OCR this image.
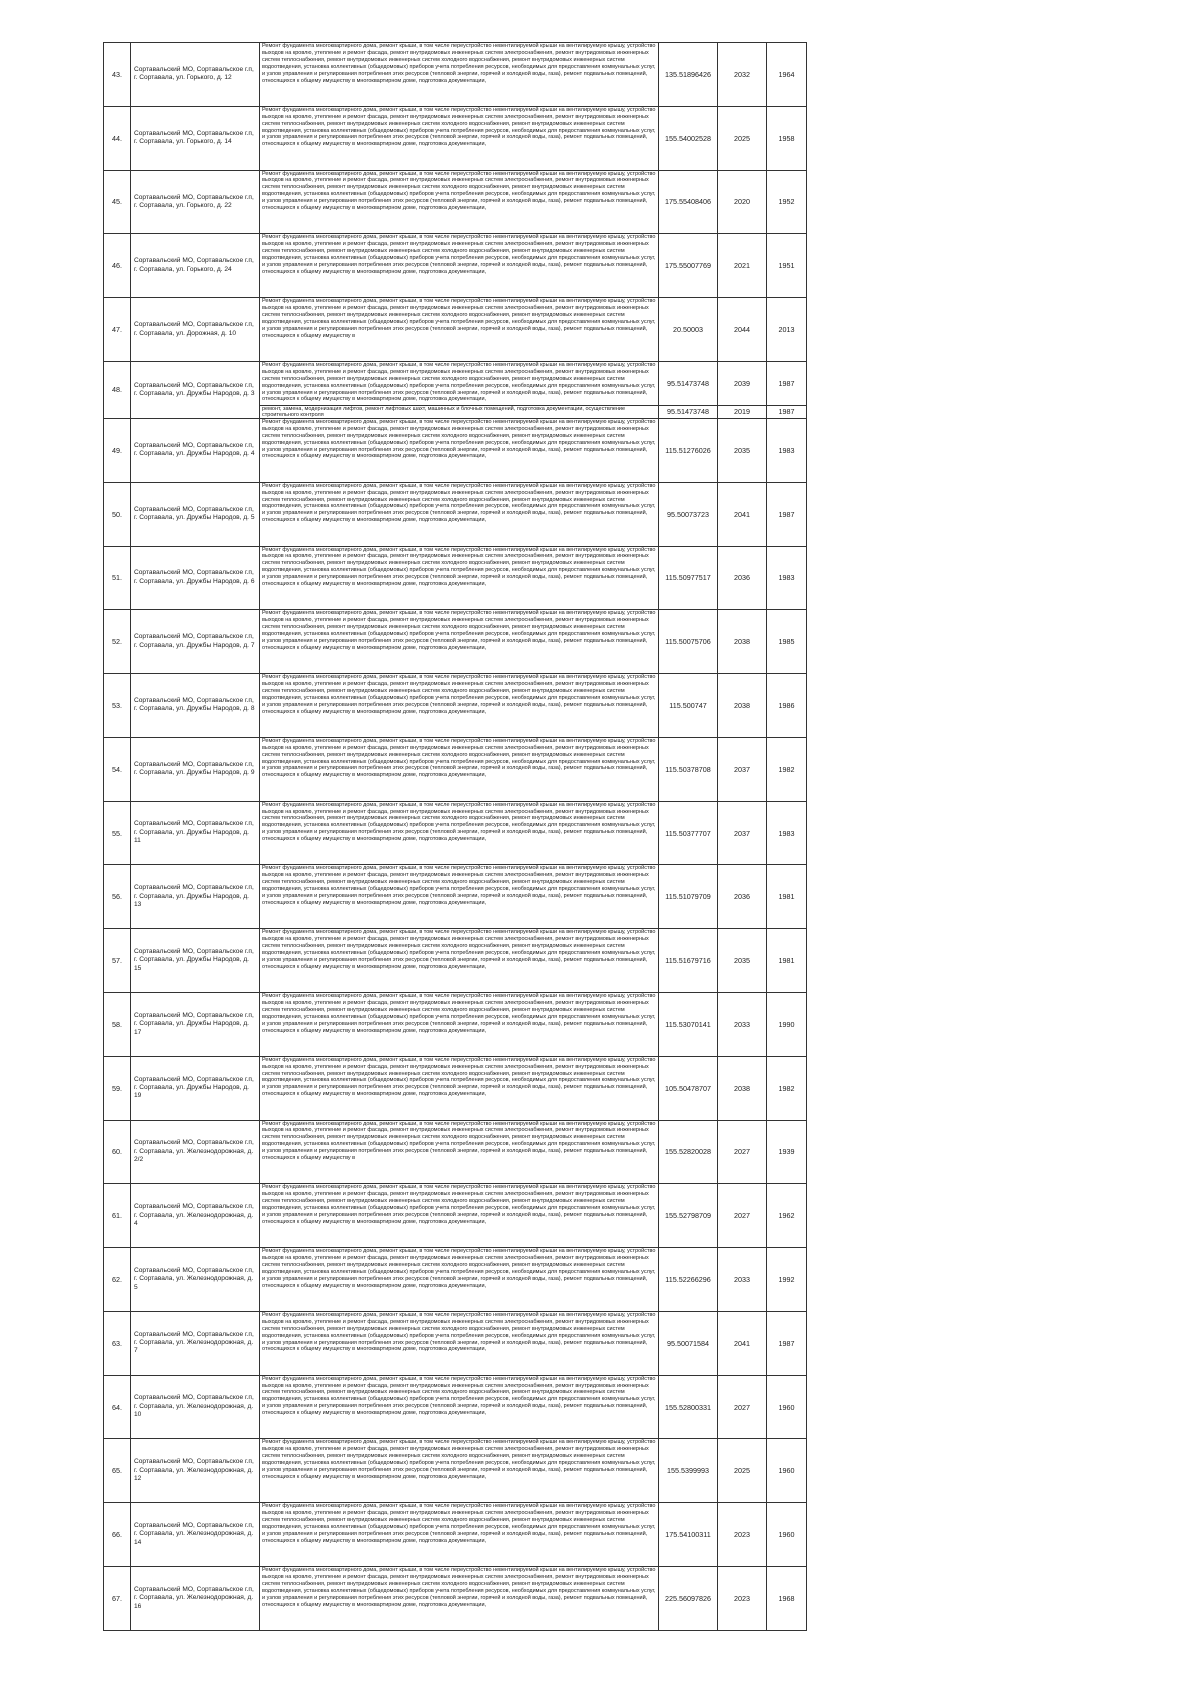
43.	Сортавальский МО, Сортавальское г.п, г. Сортавала, ул. Горького, д. 12	Ремонт фундамента многоквартирного дома, ремонт крыши, в том числе переустройство невентилируемой крыши на вентилируемую крышу, устройство выходов на кровлю, утепление и ремонт фасада, ремонт внутридомовых инженерных систем электроснабжения, ремонт внутридомовых инженерных систем теплоснабжения, ремонт внутридомовых инженерных систем холодного водоснабжения, ремонт внутридомовых инженерных систем водоотведения, установка коллективных (общедомовых) приборов учета потребления ресурсов, необходимых для предоставления коммунальных услуг, и узлов управления и регулирования потребления этих ресурсов (тепловой энергии, горячей и холодной воды, газа), ремонт подвальных помещений, относящихся к общему имуществу в многоквартирном доме, подготовка документации,	135.51896426	2032	1964
44.	Сортавальский МО, Сортавальское г.п, г. Сортавала, ул. Горького, д. 14	Ремонт фундамента многоквартирного дома, ремонт крыши, в том числе переустройство невентилируемой крыши на вентилируемую крышу, устройство выходов на кровлю, утепление и ремонт фасада, ремонт внутридомовых инженерных систем электроснабжения, ремонт внутридомовых инженерных систем теплоснабжения, ремонт внутридомовых инженерных систем холодного водоснабжения, ремонт внутридомовых инженерных систем водоотведения, установка коллективных (общедомовых) приборов учета потребления ресурсов, необходимых для предоставления коммунальных услуг, и узлов управления и регулирования потребления этих ресурсов (тепловой энергии, горячей и холодной воды, газа), ремонт подвальных помещений, относящихся к общему имуществу в многоквартирном доме, подготовка документации,	155.54002528	2025	1958
45.	Сортавальский МО, Сортавальское г.п, г. Сортавала, ул. Горького, д. 22	Ремонт фундамента многоквартирного дома, ремонт крыши, в том числе переустройство невентилируемой крыши на вентилируемую крышу, устройство выходов на кровлю, утепление и ремонт фасада, ремонт внутридомовых инженерных систем электроснабжения, ремонт внутридомовых инженерных систем теплоснабжения, ремонт внутридомовых инженерных систем холодного водоснабжения, ремонт внутридомовых инженерных систем водоотведения, установка коллективных (общедомовых) приборов учета потребления ресурсов, необходимых для предоставления коммунальных услуг, и узлов управления и регулирования потребления этих ресурсов (тепловой энергии, горячей и холодной воды, газа), ремонт подвальных помещений, относящихся к общему имуществу в многоквартирном доме, подготовка документации,	175.55408406	2020	1952
46.	Сортавальский МО, Сортавальское г.п, г. Сортавала, ул. Горького, д. 24	Ремонт фундамента многоквартирного дома, ремонт крыши, в том числе переустройство невентилируемой крыши на вентилируемую крышу, устройство выходов на кровлю, утепление и ремонт фасада, ремонт внутридомовых инженерных систем электроснабжения, ремонт внутридомовых инженерных систем теплоснабжения, ремонт внутридомовых инженерных систем холодного водоснабжения, ремонт внутридомовых инженерных систем водоотведения, установка коллективных (общедомовых) приборов учета потребления ресурсов, необходимых для предоставления коммунальных услуг, и узлов управления и регулирования потребления этих ресурсов (тепловой энергии, горячей и холодной воды, газа), ремонт подвальных помещений, относящихся к общему имуществу в многоквартирном доме, подготовка документации,	175.55007769	2021	1951
47.	Сортавальский МО, Сортавальское г.п, г. Сортавала, ул. Дорожная, д. 10	Ремонт фундамента многоквартирного дома, ремонт крыши, в том числе переустройство невентилируемой крыши на вентилируемую крышу, устройство выходов на кровлю, утепление и ремонт фасада, ремонт внутридомовых инженерных систем электроснабжения, ремонт внутридомовых инженерных систем теплоснабжения, ремонт внутридомовых инженерных систем холодного водоснабжения, ремонт внутридомовых инженерных систем водоотведения, установка коллективных (общедомовых) приборов учета потребления ресурсов, необходимых для предоставления коммунальных услуг, и узлов управления и регулирования потребления этих ресурсов (тепловой энергии, горячей и холодной воды, газа), ремонт подвальных помещений, относящихся к общему имуществу в	20.50003	2044	2013
48.	Сортавальский МО, Сортавальское г.п, г. Сортавала, ул. Дружбы Народов, д. 3	Ремонт фундамента многоквартирного дома, ремонт крыши, в том числе переустройство невентилируемой крыши на вентилируемую крышу, устройство выходов на кровлю, утепление и ремонт фасада, ремонт внутридомовых инженерных систем электроснабжения, ремонт внутридомовых инженерных систем теплоснабжения, ремонт внутридомовых инженерных систем холодного водоснабжения, ремонт внутридомовых инженерных систем водоотведения, установка коллективных (общедомовых) приборов учета потребления ресурсов, необходимых для предоставления коммунальных услуг, и узлов управления и регулирования потребления этих ресурсов (тепловой энергии, горячей и холодной воды, газа), ремонт подвальных помещений, относящихся к общему имуществу в многоквартирном доме, подготовка документации,	95.51473748	2039	1987

		ремонт, замена, модернизация лифтов, ремонт лифтовых шахт, машинных и блочных помещений, подготовка документации, осуществление строительного контроля	95.51473748	2019	1987
49.	Сортавальский МО, Сортавальское г.п, г. Сортавала, ул. Дружбы Народов, д. 4	Ремонт фундамента многоквартирного дома, ремонт крыши, в том числе переустройство невентилируемой крыши на вентилируемую крышу, устройство выходов на кровлю, утепление и ремонт фасада, ремонт внутридомовых инженерных систем электроснабжения, ремонт внутридомовых инженерных систем теплоснабжения, ремонт внутридомовых инженерных систем холодного водоснабжения, ремонт внутридомовых инженерных систем водоотведения, установка коллективных (общедомовых) приборов учета потребления ресурсов, необходимых для предоставления коммунальных услуг, и узлов управления и регулирования потребления этих ресурсов (тепловой энергии, горячей и холодной воды, газа), ремонт подвальных помещений, относящихся к общему имуществу в многоквартирном доме, подготовка документации,	115.51276026	2035	1983
50.	Сортавальский МО, Сортавальское г.п, г. Сортавала, ул. Дружбы Народов, д. 5	Ремонт фундамента многоквартирного дома, ремонт крыши, в том числе переустройство невентилируемой крыши на вентилируемую крышу, устройство выходов на кровлю, утепление и ремонт фасада, ремонт внутридомовых инженерных систем электроснабжения, ремонт внутридомовых инженерных систем теплоснабжения, ремонт внутридомовых инженерных систем холодного водоснабжения, ремонт внутридомовых инженерных систем водоотведения, установка коллективных (общедомовых) приборов учета потребления ресурсов, необходимых для предоставления коммунальных услуг, и узлов управления и регулирования потребления этих ресурсов (тепловой энергии, горячей и холодной воды, газа), ремонт подвальных помещений, относящихся к общему имуществу в многоквартирном доме, подготовка документации,	95.50073723	2041	1987
51.	Сортавальский МО, Сортавальское г.п, г. Сортавала, ул. Дружбы Народов, д. 6	Ремонт фундамента многоквартирного дома, ремонт крыши, в том числе переустройство невентилируемой крыши на вентилируемую крышу, устройство выходов на кровлю, утепление и ремонт фасада, ремонт внутридомовых инженерных систем электроснабжения, ремонт внутридомовых инженерных систем теплоснабжения, ремонт внутридомовых инженерных систем холодного водоснабжения, ремонт внутридомовых инженерных систем водоотведения, установка коллективных (общедомовых) приборов учета потребления ресурсов, необходимых для предоставления коммунальных услуг, и узлов управления и регулирования потребления этих ресурсов (тепловой энергии, горячей и холодной воды, газа), ремонт подвальных помещений, относящихся к общему имуществу в многоквартирном доме, подготовка документации,	115.50977517	2036	1983
52.	Сортавальский МО, Сортавальское г.п, г. Сортавала, ул. Дружбы Народов, д. 7	Ремонт фундамента многоквартирного дома, ремонт крыши, в том числе переустройство невентилируемой крыши на вентилируемую крышу, устройство выходов на кровлю, утепление и ремонт фасада, ремонт внутридомовых инженерных систем электроснабжения, ремонт внутридомовых инженерных систем теплоснабжения, ремонт внутридомовых инженерных систем холодного водоснабжения, ремонт внутридомовых инженерных систем водоотведения, установка коллективных (общедомовых) приборов учета потребления ресурсов, необходимых для предоставления коммунальных услуг, и узлов управления и регулирования потребления этих ресурсов (тепловой энергии, горячей и холодной воды, газа), ремонт подвальных помещений, относящихся к общему имуществу в многоквартирном доме, подготовка документации,	115.50075706	2038	1985
53.	Сортавальский МО, Сортавальское г.п, г. Сортавала, ул. Дружбы Народов, д. 8	Ремонт фундамента многоквартирного дома, ремонт крыши, в том числе переустройство невентилируемой крыши на вентилируемую крышу, устройство выходов на кровлю, утепление и ремонт фасада, ремонт внутридомовых инженерных систем электроснабжения, ремонт внутридомовых инженерных систем теплоснабжения, ремонт внутридомовых инженерных систем холодного водоснабжения, ремонт внутридомовых инженерных систем водоотведения, установка коллективных (общедомовых) приборов учета потребления ресурсов, необходимых для предоставления коммунальных услуг, и узлов управления и регулирования потребления этих ресурсов (тепловой энергии, горячей и холодной воды, газа), ремонт подвальных помещений, относящихся к общему имуществу в многоквартирном доме, подготовка документации,	115.500747	2038	1986
54.	Сортавальский МО, Сортавальское г.п, г. Сортавала, ул. Дружбы Народов, д. 9	Ремонт фундамента многоквартирного дома, ремонт крыши, в том числе переустройство невентилируемой крыши на вентилируемую крышу, устройство выходов на кровлю, утепление и ремонт фасада, ремонт внутридомовых инженерных систем электроснабжения, ремонт внутридомовых инженерных систем теплоснабжения, ремонт внутридомовых инженерных систем холодного водоснабжения, ремонт внутридомовых инженерных систем водоотведения, установка коллективных (общедомовых) приборов учета потребления ресурсов, необходимых для предоставления коммунальных услуг, и узлов управления и регулирования потребления этих ресурсов (тепловой энергии, горячей и холодной воды, газа), ремонт подвальных помещений, относящихся к общему имуществу в многоквартирном доме, подготовка документации,	115.50378708	2037	1982
55.	Сортавальский МО, Сортавальское г.п, г. Сортавала, ул. Дружбы Народов, д. 11	Ремонт фундамента многоквартирного дома, ремонт крыши, в том числе переустройство невентилируемой крыши на вентилируемую крышу, устройство выходов на кровлю, утепление и ремонт фасада, ремонт внутридомовых инженерных систем электроснабжения, ремонт внутридомовых инженерных систем теплоснабжения, ремонт внутридомовых инженерных систем холодного водоснабжения, ремонт внутридомовых инженерных систем водоотведения, установка коллективных (общедомовых) приборов учета потребления ресурсов, необходимых для предоставления коммунальных услуг, и узлов управления и регулирования потребления этих ресурсов (тепловой энергии, горячей и холодной воды, газа), ремонт подвальных помещений, относящихся к общему имуществу в многоквартирном доме, подготовка документации,	115.50377707	2037	1983
56.	Сортавальский МО, Сортавальское г.п, г. Сортавала, ул. Дружбы Народов, д. 13	Ремонт фундамента многоквартирного дома, ремонт крыши, в том числе переустройство невентилируемой крыши на вентилируемую крышу, устройство выходов на кровлю, утепление и ремонт фасада, ремонт внутридомовых инженерных систем электроснабжения, ремонт внутридомовых инженерных систем теплоснабжения, ремонт внутридомовых инженерных систем холодного водоснабжения, ремонт внутридомовых инженерных систем водоотведения, установка коллективных (общедомовых) приборов учета потребления ресурсов, необходимых для предоставления коммунальных услуг, и узлов управления и регулирования потребления этих ресурсов (тепловой энергии, горячей и холодной воды, газа), ремонт подвальных помещений, относящихся к общему имуществу в многоквартирном доме, подготовка документации,	115.51079709	2036	1981
57.	Сортавальский МО, Сортавальское г.п, г. Сортавала, ул. Дружбы Народов, д. 15	Ремонт фундамента многоквартирного дома, ремонт крыши, в том числе переустройство невентилируемой крыши на вентилируемую крышу, устройство выходов на кровлю, утепление и ремонт фасада, ремонт внутридомовых инженерных систем электроснабжения, ремонт внутридомовых инженерных систем теплоснабжения, ремонт внутридомовых инженерных систем холодного водоснабжения, ремонт внутридомовых инженерных систем водоотведения, установка коллективных (общедомовых) приборов учета потребления ресурсов, необходимых для предоставления коммунальных услуг, и узлов управления и регулирования потребления этих ресурсов (тепловой энергии, горячей и холодной воды, газа), ремонт подвальных помещений, относящихся к общему имуществу в многоквартирном доме, подготовка документации,	115.51679716	2035	1981
58.	Сортавальский МО, Сортавальское г.п, г. Сортавала, ул. Дружбы Народов, д. 17	Ремонт фундамента многоквартирного дома, ремонт крыши, в том числе переустройство невентилируемой крыши на вентилируемую крышу, устройство выходов на кровлю, утепление и ремонт фасада, ремонт внутридомовых инженерных систем электроснабжения, ремонт внутридомовых инженерных систем теплоснабжения, ремонт внутридомовых инженерных систем холодного водоснабжения, ремонт внутридомовых инженерных систем водоотведения, установка коллективных (общедомовых) приборов учета потребления ресурсов, необходимых для предоставления коммунальных услуг, и узлов управления и регулирования потребления этих ресурсов (тепловой энергии, горячей и холодной воды, газа), ремонт подвальных помещений, относящихся к общему имуществу в многоквартирном доме, подготовка документации,	115.53070141	2033	1990
59.	Сортавальский МО, Сортавальское г.п, г. Сортавала, ул. Дружбы Народов, д. 19	Ремонт фундамента многоквартирного дома, ремонт крыши, в том числе переустройство невентилируемой крыши на вентилируемую крышу, устройство выходов на кровлю, утепление и ремонт фасада, ремонт внутридомовых инженерных систем электроснабжения, ремонт внутридомовых инженерных систем теплоснабжения, ремонт внутридомовых инженерных систем холодного водоснабжения, ремонт внутридомовых инженерных систем водоотведения, установка коллективных (общедомовых) приборов учета потребления ресурсов, необходимых для предоставления коммунальных услуг, и узлов управления и регулирования потребления этих ресурсов (тепловой энергии, горячей и холодной воды, газа), ремонт подвальных помещений, относящихся к общему имуществу в многоквартирном доме, подготовка документации,	105.50478707	2038	1982
60.	Сортавальский МО, Сортавальское г.п, г. Сортавала, ул. Железнодорожная, д. 2/2	Ремонт фундамента многоквартирного дома, ремонт крыши, в том числе переустройство невентилируемой крыши на вентилируемую крышу, устройство выходов на кровлю, утепление и ремонт фасада, ремонт внутридомовых инженерных систем электроснабжения, ремонт внутридомовых инженерных систем теплоснабжения, ремонт внутридомовых инженерных систем холодного водоснабжения, ремонт внутридомовых инженерных систем водоотведения, установка коллективных (общедомовых) приборов учета потребления ресурсов, необходимых для предоставления коммунальных услуг, и узлов управления и регулирования потребления этих ресурсов (тепловой энергии, горячей и холодной воды, газа), ремонт подвальных помещений, относящихся к общему имуществу в	155.52820028	2027	1939
61.	Сортавальский МО, Сортавальское г.п, г. Сортавала, ул. Железнодорожная, д. 4	Ремонт фундамента многоквартирного дома, ремонт крыши, в том числе переустройство невентилируемой крыши на вентилируемую крышу, устройство выходов на кровлю, утепление и ремонт фасада, ремонт внутридомовых инженерных систем электроснабжения, ремонт внутридомовых инженерных систем теплоснабжения, ремонт внутридомовых инженерных систем холодного водоснабжения, ремонт внутридомовых инженерных систем водоотведения, установка коллективных (общедомовых) приборов учета потребления ресурсов, необходимых для предоставления коммунальных услуг, и узлов управления и регулирования потребления этих ресурсов (тепловой энергии, горячей и холодной воды, газа), ремонт подвальных помещений, относящихся к общему имуществу в многоквартирном доме, подготовка документации,	155.52798709	2027	1962
62.	Сортавальский МО, Сортавальское г.п, г. Сортавала, ул. Железнодорожная, д. 5	Ремонт фундамента многоквартирного дома, ремонт крыши, в том числе переустройство невентилируемой крыши на вентилируемую крышу, устройство выходов на кровлю, утепление и ремонт фасада, ремонт внутридомовых инженерных систем электроснабжения, ремонт внутридомовых инженерных систем теплоснабжения, ремонт внутридомовых инженерных систем холодного водоснабжения, ремонт внутридомовых инженерных систем водоотведения, установка коллективных (общедомовых) приборов учета потребления ресурсов, необходимых для предоставления коммунальных услуг, и узлов управления и регулирования потребления этих ресурсов (тепловой энергии, горячей и холодной воды, газа), ремонт подвальных помещений, относящихся к общему имуществу в многоквартирном доме, подготовка документации,	115.52266296	2033	1992
63.	Сортавальский МО, Сортавальское г.п, г. Сортавала, ул. Железнодорожная, д. 7	Ремонт фундамента многоквартирного дома, ремонт крыши, в том числе переустройство невентилируемой крыши на вентилируемую крышу, устройство выходов на кровлю, утепление и ремонт фасада, ремонт внутридомовых инженерных систем электроснабжения, ремонт внутридомовых инженерных систем теплоснабжения, ремонт внутридомовых инженерных систем холодного водоснабжения, ремонт внутридомовых инженерных систем водоотведения, установка коллективных (общедомовых) приборов учета потребления ресурсов, необходимых для предоставления коммунальных услуг, и узлов управления и регулирования потребления этих ресурсов (тепловой энергии, горячей и холодной воды, газа), ремонт подвальных помещений, относящихся к общему имуществу в многоквартирном доме, подготовка документации,	95.50071584	2041	1987
64.	Сортавальский МО, Сортавальское г.п, г. Сортавала, ул. Железнодорожная, д. 10	Ремонт фундамента многоквартирного дома, ремонт крыши, в том числе переустройство невентилируемой крыши на вентилируемую крышу, устройство выходов на кровлю, утепление и ремонт фасада, ремонт внутридомовых инженерных систем электроснабжения, ремонт внутридомовых инженерных систем теплоснабжения, ремонт внутридомовых инженерных систем холодного водоснабжения, ремонт внутридомовых инженерных систем водоотведения, установка коллективных (общедомовых) приборов учета потребления ресурсов, необходимых для предоставления коммунальных услуг, и узлов управления и регулирования потребления этих ресурсов (тепловой энергии, горячей и холодной воды, газа), ремонт подвальных помещений, относящихся к общему имуществу в многоквартирном доме, подготовка документации,	155.52800331	2027	1960
65.	Сортавальский МО, Сортавальское г.п, г. Сортавала, ул. Железнодорожная, д. 12	Ремонт фундамента многоквартирного дома, ремонт крыши, в том числе переустройство невентилируемой крыши на вентилируемую крышу, устройство выходов на кровлю, утепление и ремонт фасада, ремонт внутридомовых инженерных систем электроснабжения, ремонт внутридомовых инженерных систем теплоснабжения, ремонт внутридомовых инженерных систем холодного водоснабжения, ремонт внутридомовых инженерных систем водоотведения, установка коллективных (общедомовых) приборов учета потребления ресурсов, необходимых для предоставления коммунальных услуг, и узлов управления и регулирования потребления этих ресурсов (тепловой энергии, горячей и холодной воды, газа), ремонт подвальных помещений, относящихся к общему имуществу в многоквартирном доме, подготовка документации,	155.5399993	2025	1960
66.	Сортавальский МО, Сортавальское г.п, г. Сортавала, ул. Железнодорожная, д. 14	Ремонт фундамента многоквартирного дома, ремонт крыши, в том числе переустройство невентилируемой крыши на вентилируемую крышу, устройство выходов на кровлю, утепление и ремонт фасада, ремонт внутридомовых инженерных систем электроснабжения, ремонт внутридомовых инженерных систем теплоснабжения, ремонт внутридомовых инженерных систем холодного водоснабжения, ремонт внутридомовых инженерных систем водоотведения, установка коллективных (общедомовых) приборов учета потребления ресурсов, необходимых для предоставления коммунальных услуг, и узлов управления и регулирования потребления этих ресурсов (тепловой энергии, горячей и холодной воды, газа), ремонт подвальных помещений, относящихся к общему имуществу в многоквартирном доме, подготовка документации,	175.54100311	2023	1960
67.	Сортавальский МО, Сортавальское г.п, г. Сортавала, ул. Железнодорожная, д. 16	Ремонт фундамента многоквартирного дома, ремонт крыши, в том числе переустройство невентилируемой крыши на вентилируемую крышу, устройство выходов на кровлю, утепление и ремонт фасада, ремонт внутридомовых инженерных систем электроснабжения, ремонт внутридомовых инженерных систем теплоснабжения, ремонт внутридомовых инженерных систем холодного водоснабжения, ремонт внутридомовых инженерных систем водоотведения, установка коллективных (общедомовых) приборов учета потребления ресурсов, необходимых для предоставления коммунальных услуг, и узлов управления и регулирования потребления этих ресурсов (тепловой энергии, горячей и холодной воды, газа), ремонт подвальных помещений, относящихся к общему имуществу в многоквартирном доме, подготовка документации,	225.56097826	2023	1968
